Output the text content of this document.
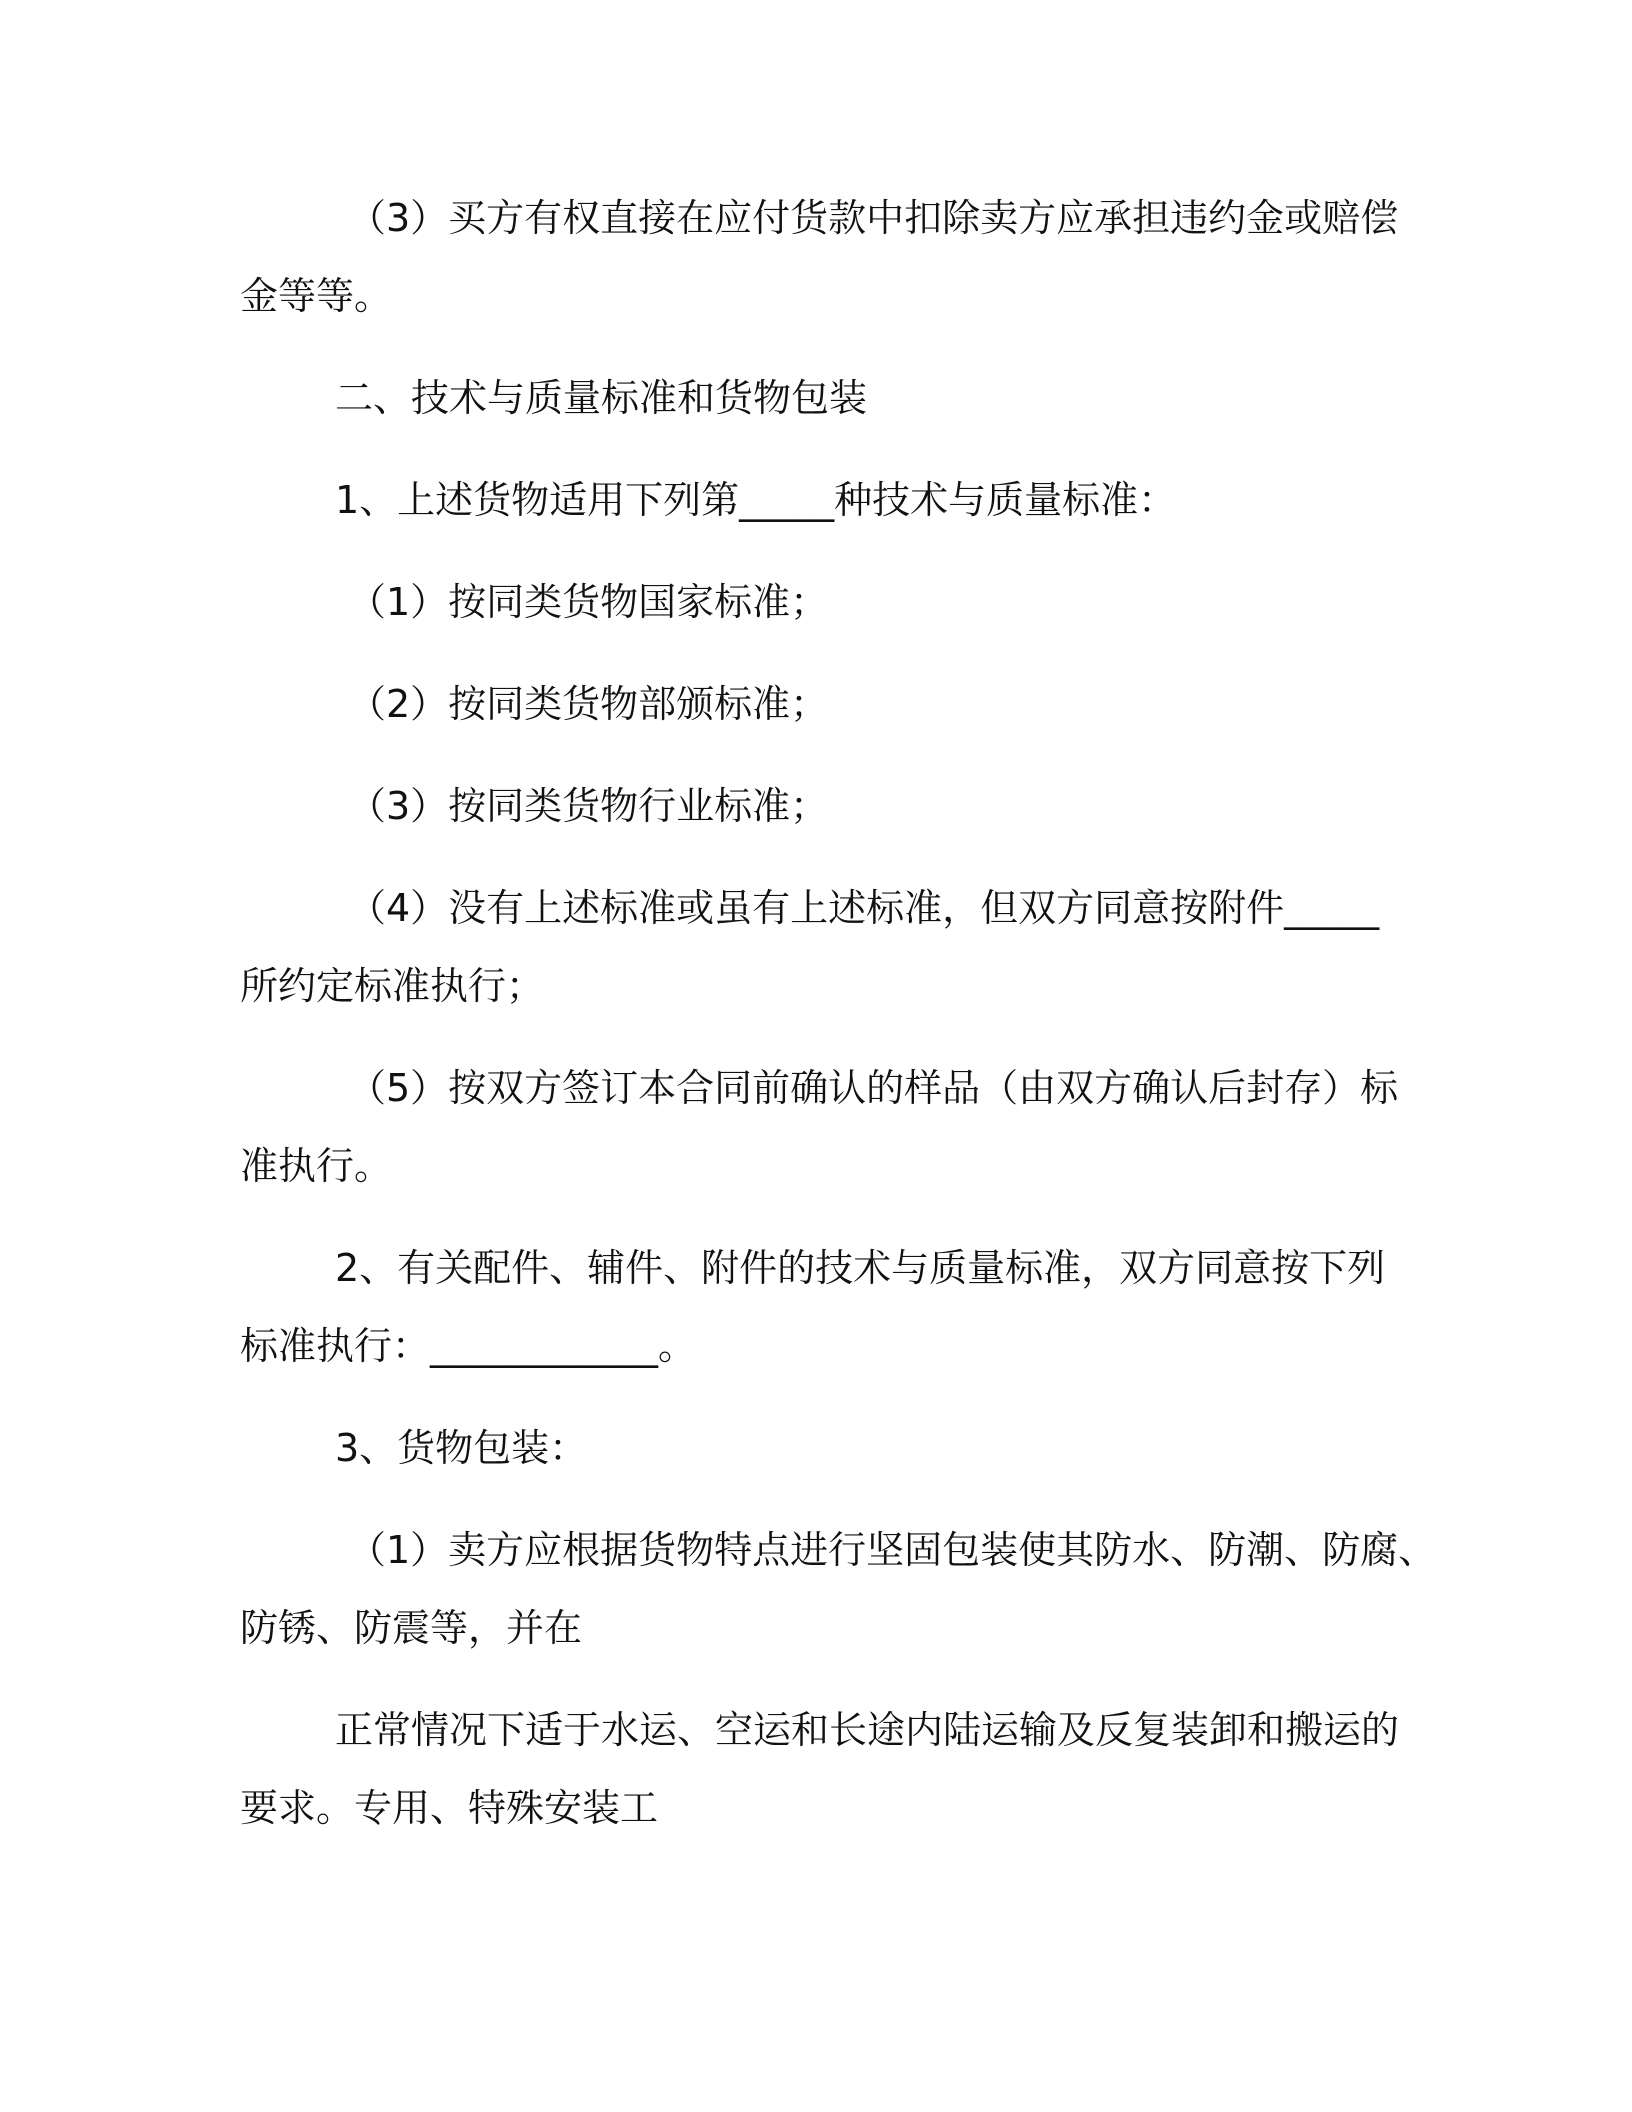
（3）买方有权直接在应付货款中扣除卖方应承担违约金或赔偿
金等等。
二、技术与质量标准和货物包装
1、上述货物适用下列第_____种技术与质量标准：
（1）按同类货物国家标准；
（2）按同类货物部颁标准；
（3）按同类货物行业标准；
（4）没有上述标准或虽有上述标准，但双方同意按附件_____
所约定标准执行；
（5）按双方签订本合同前确认的样品（由双方确认后封存）标
准执行。
2、有关配件、辅件、附件的技术与质量标准，双方同意按下列
标准执行：____________。
3、货物包装：
（1）卖方应根据货物特点进行坚固包装使其防水、防潮、防腐、
防锈、防震等，并在
正常情况下适于水运、空运和长途内陆运输及反复装卸和搬运的
要求。专用、特殊安装工
